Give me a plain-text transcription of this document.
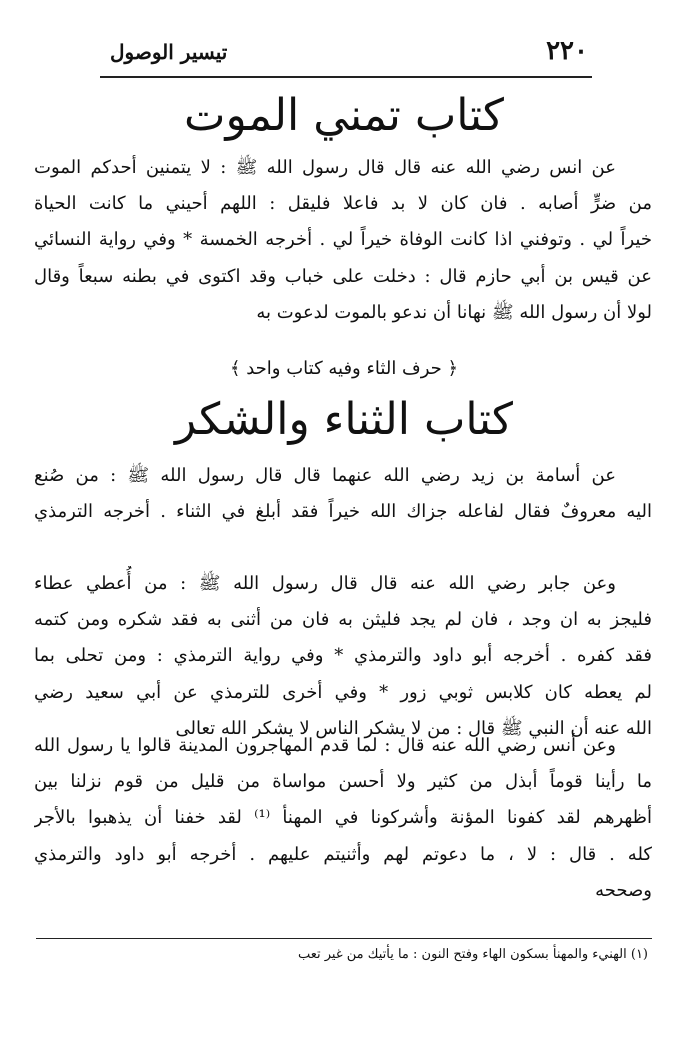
٢٢٠
تيسير الوصول
كتاب تمني الموت
عن انس رضي الله عنه قال قال رسول الله ﷺ : لا يتمنين أحدكم الموت
من ضرٍّ أصابه . فان كان لا بد فاعلا فليقل : اللهم أحيني ما كانت الحياة
خيراً لي . وتوفني اذا كانت الوفاة خيراً لي . أخرجه الخمسة * وفي رواية النسائي
عن قيس بن أبي حازم قال : دخلت على خباب وقد اكتوى في بطنه سبعاً وقال
لولا أن رسول الله ﷺ نهانا أن ندعو بالموت لدعوت به
﴿ حرف الثاء وفيه كتاب واحد ﴾
كتاب الثناء والشكر
عن أسامة بن زيد رضي الله عنهما قال قال رسول الله ﷺ : من صُنع
اليه معروفٌ فقال لفاعله جزاك الله خيراً فقد أبلغ في الثناء . أخرجه الترمذي
وعن جابر رضي الله عنه قال قال رسول الله ﷺ : من أُعطي عطاء
فليجز به ان وجد ، فان لم يجد فليثن به فان من أثنى به فقد شكره ومن كتمه
فقد كفره . أخرجه أبو داود والترمذي * وفي رواية الترمذي : ومن تحلى بما
لم يعطه كان كلابس ثوبي زور * وفي أخرى للترمذي عن أبي سعيد رضي
الله عنه أن النبي ﷺ قال : من لا يشكر الناس لا يشكر الله تعالى
وعن أنس رضي الله عنه قال : لما قدم المهاجرون المدينة قالوا يا رسول الله
ما رأينا قوماً أبذل من كثير ولا أحسن مواساة من قليل من قوم نزلنا بين
أظهرهم لقد كفونا المؤنة وأشركونا في المهنأ ⁽¹⁾ لقد خفنا أن يذهبوا بالأجر
كله . قال : لا ، ما دعوتم لهم وأثنيتم عليهم . أخرجه أبو داود والترمذي
وصححه
(١) الهنيء والمهنأ بسكون الهاء وفتح النون : ما يأتيك من غير تعب
